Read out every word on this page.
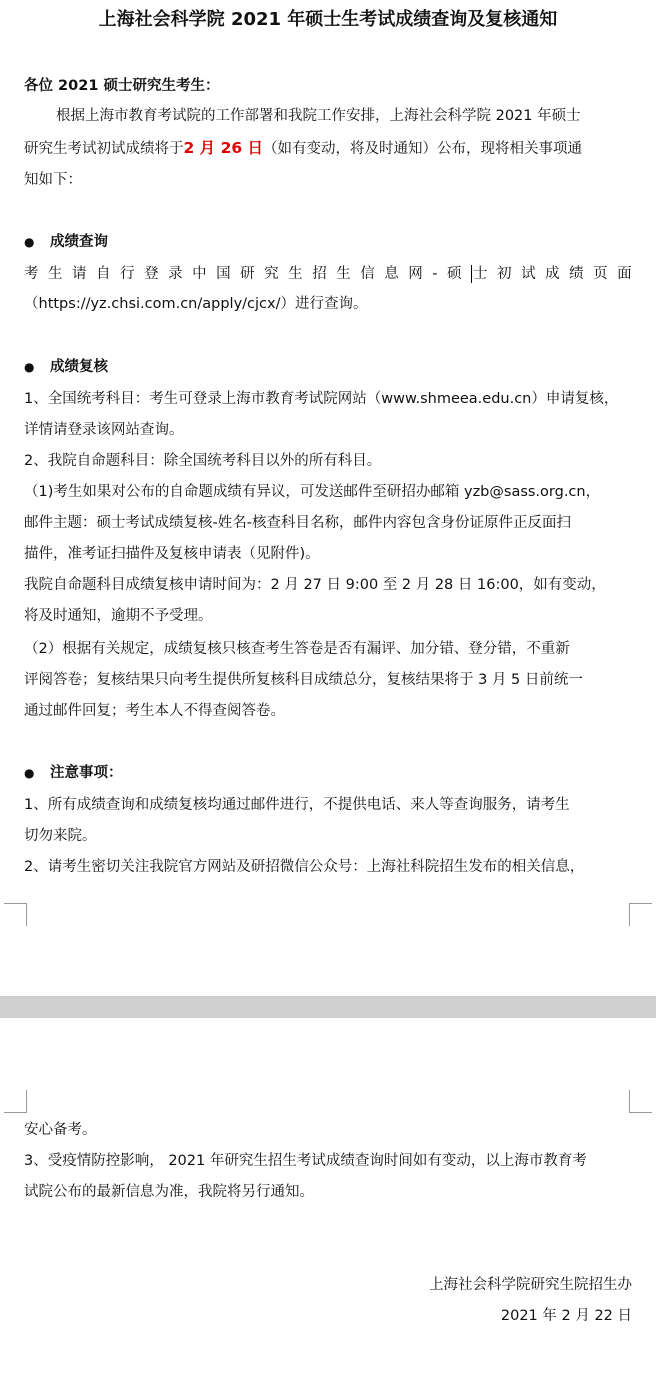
上海社会科学院 2021 年硕士生考试成绩查询及复核通知
各位 2021 硕士研究生考生：
根据上海市教育考试院的工作部署和我院工作安排，上海社会科学院 2021 年硕士
研究生考试初试成绩将于2 月 26 日（如有变动，将及时通知）公布，现将相关事项通
知如下：
● 成绩查询
考 生 请 自 行 登 录 中 国 研 究 生 招 生 信 息 网 - 硕 士 初 试 成 绩 页 面
（https://yz.chsi.com.cn/apply/cjcx/）进行查询。
● 成绩复核
1、全国统考科目：考生可登录上海市教育考试院网站（www.shmeea.edu.cn）申请复核，
详情请登录该网站查询。
2、我院自命题科目：除全国统考科目以外的所有科目。
（1)考生如果对公布的自命题成绩有异议，可发送邮件至研招办邮箱 yzb@sass.org.cn，
邮件主题：硕士考试成绩复核-姓名-核查科目名称，邮件内容包含身份证原件正反面扫
描件，准考证扫描件及复核申请表（见附件)。
我院自命题科目成绩复核申请时间为：2 月 27 日 9:00 至 2 月 28 日 16:00，如有变动，
将及时通知，逾期不予受理。
（2）根据有关规定，成绩复核只核查考生答卷是否有漏评、加分错、登分错，不重新
评阅答卷；复核结果只向考生提供所复核科目成绩总分，复核结果将于 3 月 5 日前统一
通过邮件回复；考生本人不得查阅答卷。
● 注意事项：
1、所有成绩查询和成绩复核均通过邮件进行，不提供电话、来人等查询服务，请考生
切勿来院。
2、请考生密切关注我院官方网站及研招微信公众号：上海社科院招生发布的相关信息，
安心备考。
3、受疫情防控影响， 2021 年研究生招生考试成绩查询时间如有变动，以上海市教育考
试院公布的最新信息为准，我院将另行通知。
上海社会科学院研究生院招生办
2021 年 2 月 22 日
